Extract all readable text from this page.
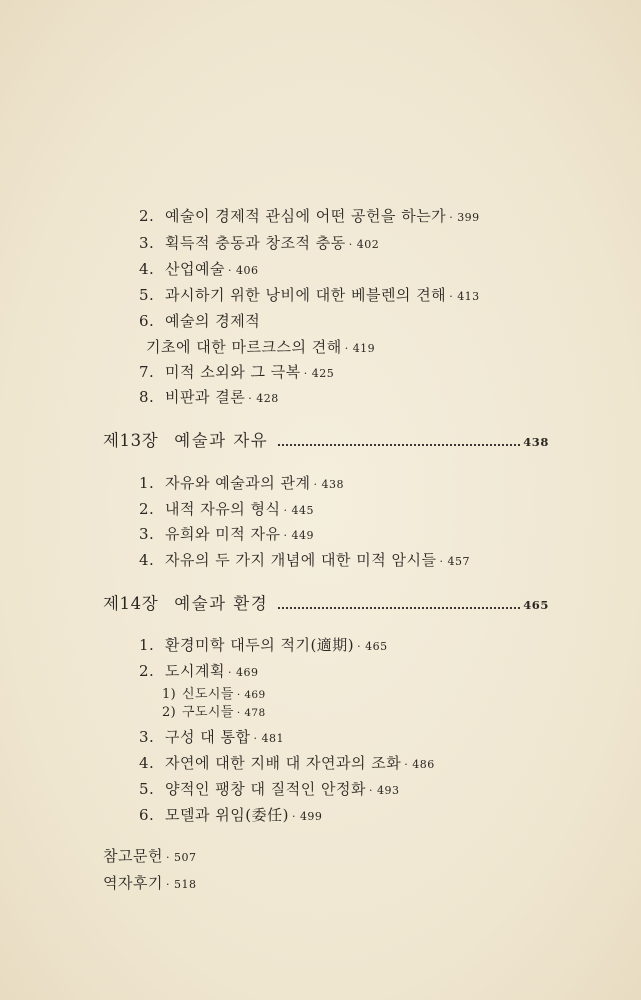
2. 예술이 경제적 관심에 어떤 공헌을 하는가 · 399
3. 획득적 충동과 창조적 충동 · 402
4. 산업예술 · 406
5. 과시하기 위한 낭비에 대한 베블렌의 견해 · 413
6. 예술의 경제적
기초에 대한 마르크스의 견해 · 419
7. 미적 소외와 그 극복 · 425
8. 비판과 결론 · 428
제13장 예술과 자유	438
1. 자유와 예술과의 관계 · 438
2. 내적 자유의 형식 · 445
3. 유희와 미적 자유 · 449
4. 자유의 두 가지 개념에 대한 미적 암시들 · 457
제14장 예술과 환경	465
1. 환경미학 대두의 적기(適期) · 465
2. 도시계획 · 469
1) 신도시들 · 469
2) 구도시들 · 478
3. 구성 대 통합 · 481
4. 자연에 대한 지배 대 자연과의 조화 · 486
5. 양적인 팽창 대 질적인 안정화 · 493
6. 모델과 위임(委任) · 499
참고문헌 · 507
역자후기 · 518
